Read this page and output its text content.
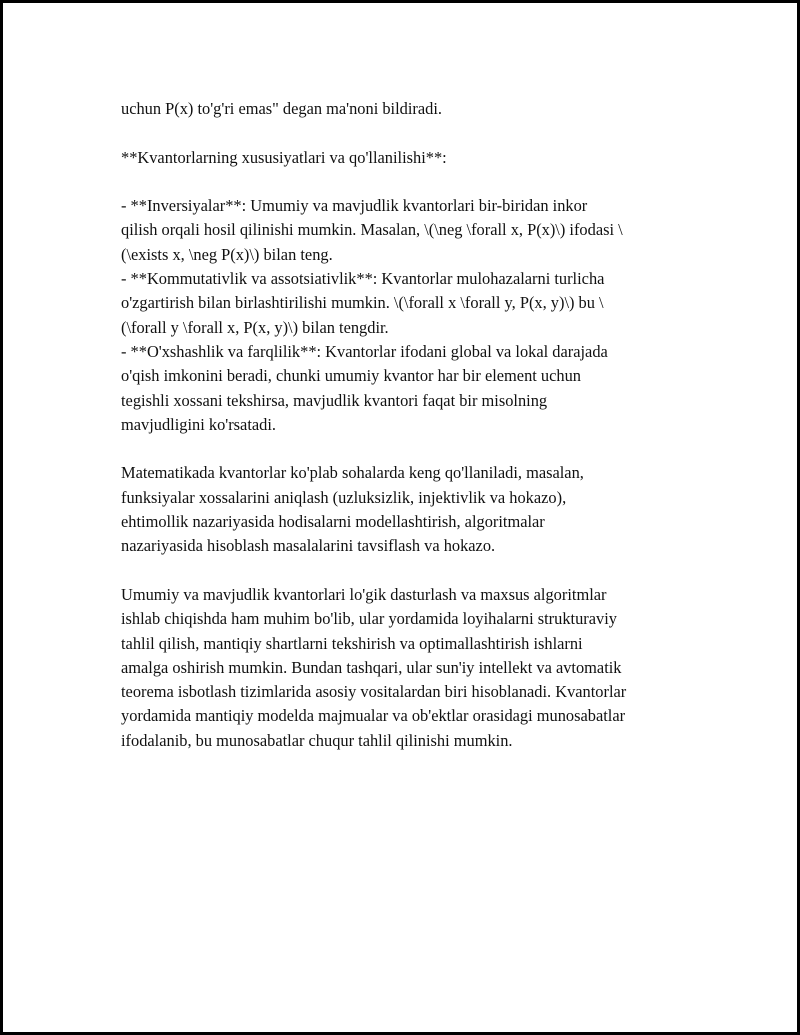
uchun P(x) to'g'ri emas" degan ma'noni bildiradi.

**Kvantorlarning xususiyatlari va qo'llanilishi**:

- **Inversiyalar**: Umumiy va mavjudlik kvantorlari bir-biridan inkor

qilish orqali hosil qilinishi mumkin. Masalan, \(\neg \forall x, P(x)\) ifodasi \

(\exists x, \neg P(x)\) bilan teng.

- **Kommutativlik va assotsiativlik**: Kvantorlar mulohazalarni turlicha

o'zgartirish bilan birlashtirilishi mumkin. \(\forall x \forall y, P(x, y)\) bu \

(\forall y \forall x, P(x, y)\) bilan tengdir.

- **O'xshashlik va farqlilik**: Kvantorlar ifodani global va lokal darajada

o'qish imkonini beradi, chunki umumiy kvantor har bir element uchun

tegishli xossani tekshirsa, mavjudlik kvantori faqat bir misolning

mavjudligini ko'rsatadi.

Matematikada kvantorlar ko'plab sohalarda keng qo'llaniladi, masalan,

funksiyalar xossalarini aniqlash (uzluksizlik, injektivlik va hokazo),

ehtimollik nazariyasida hodisalarni modellashtirish, algoritmalar

nazariyasida hisoblash masalalarini tavsiflash va hokazo.

Umumiy va mavjudlik kvantorlari lo'gik dasturlash va maxsus algoritmlar

ishlab chiqishda ham muhim bo'lib, ular yordamida loyihalarni strukturaviy

tahlil qilish, mantiqiy shartlarni tekshirish va optimallashtirish ishlarni

amalga oshirish mumkin. Bundan tashqari, ular sun'iy intellekt va avtomatik

teorema isbotlash tizimlarida asosiy vositalardan biri hisoblanadi. Kvantorlar

yordamida mantiqiy modelda majmualar va ob'ektlar orasidagi munosabatlar

ifodalanib, bu munosabatlar chuqur tahlil qilinishi mumkin.
